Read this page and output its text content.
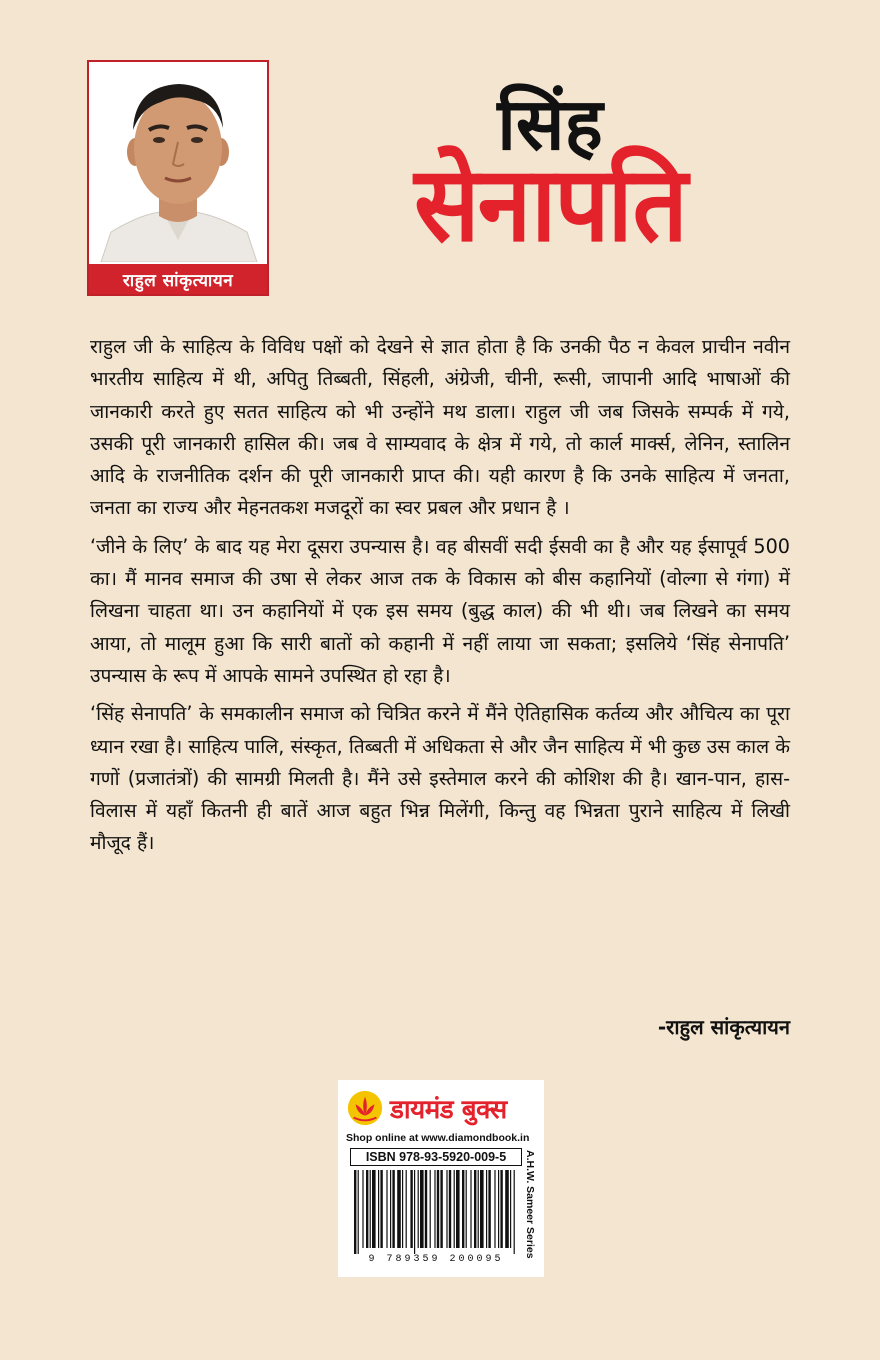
राहुल सांकृत्यायन
सिंह
सेनापति

राहुल जी के साहित्य के विविध पक्षों को देखने से ज्ञात होता है कि उनकी पैठ न केवल प्राचीन नवीन भारतीय साहित्य में थी, अपितु तिब्बती, सिंहली, अंग्रेजी, चीनी, रूसी, जापानी आदि भाषाओं की जानकारी करते हुए सतत साहित्य को भी उन्होंने मथ डाला। राहुल जी जब जिसके सम्पर्क में गये, उसकी पूरी जानकारी हासिल की। जब वे साम्यवाद के क्षेत्र में गये, तो कार्ल मार्क्स, लेनिन, स्तालिन आदि के राजनीतिक दर्शन की पूरी जानकारी प्राप्त की। यही कारण है कि उनके साहित्य में जनता, जनता का राज्य और मेहनतकश मजदूरों का स्वर प्रबल और प्रधान है ।

‘जीने के लिए’ के बाद यह मेरा दूसरा उपन्यास है। वह बीसवीं सदी ईसवी का है और यह ईसापूर्व 500 का। मैं मानव समाज की उषा से लेकर आज तक के विकास को बीस कहानियों (वोल्गा से गंगा) में लिखना चाहता था। उन कहानियों में एक इस समय (बुद्ध काल) की भी थी। जब लिखने का समय आया, तो मालूम हुआ कि सारी बातों को कहानी में नहीं लाया जा सकता; इसलिये ‘सिंह सेनापति’ उपन्यास के रूप में आपके सामने उपस्थित हो रहा है।

‘सिंह सेनापति’ के समकालीन समाज को चित्रित करने में मैंने ऐतिहासिक कर्तव्य और औचित्य का पूरा ध्यान रखा है। साहित्य पालि, संस्कृत, तिब्बती में अधिकता से और जैन साहित्य में भी कुछ उस काल के गणों (प्रजातंत्रों) की सामग्री मिलती है। मैंने उसे इस्तेमाल करने की कोशिश की है। खान-पान, हास-विलास में यहाँ कितनी ही बातें आज बहुत भिन्न मिलेंगी, किन्तु वह भिन्नता पुराने साहित्य में लिखी मौजूद हैं।

-राहुल सांकृत्यायन
डायमंड बुक्स
Shop online at www.diamondbook.in
ISBN 978-93-5920-009-5
9 789359 200095
A.H.W. Sameer Series
